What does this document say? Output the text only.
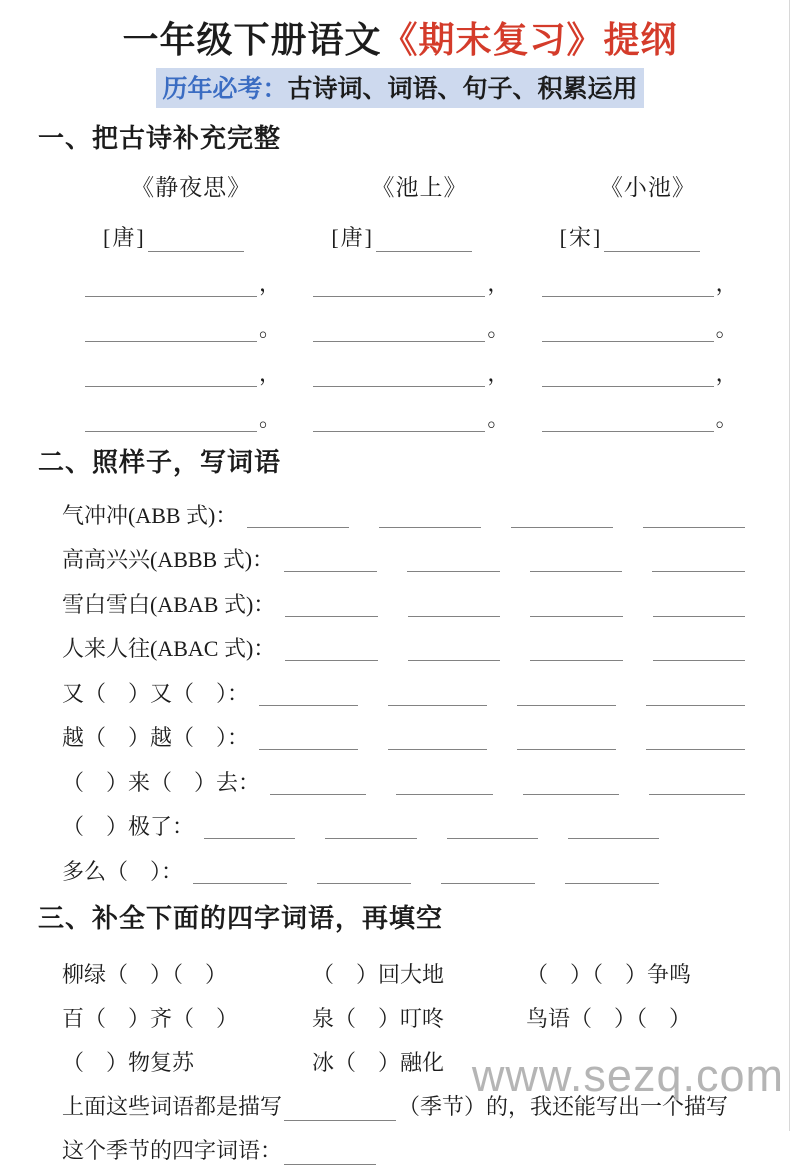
一年级下册语文《期末复习》提纲
历年必考：古诗词、词语、句子、积累运用
一、把古诗补充完整
《静夜思》
[唐]
，
。
，
。
《池上》
[唐]
，
。
，
。
《小池》
[宋]
，
。
，
。
二、照样子，写词语
气冲冲(ABB 式)：
高高兴兴(ABBB 式)：
雪白雪白(ABAB 式)：
人来人往(ABAC 式)：
又（　）又（　）：
越（　）越（　）：
（　）来（　）去：
（　）极了：
多么（　）：
三、补全下面的四字词语，再填空
柳绿（　）（　）	（　）回大地	（　）（　）争鸣
百（　）齐（　）	泉（　）叮咚	鸟语（　）（　）
（　）物复苏	冰（　）融化
上面这些词语都是描写	（季节）的，我还能写出一个描写
这个季节的四字词语：
www.sezq.com
